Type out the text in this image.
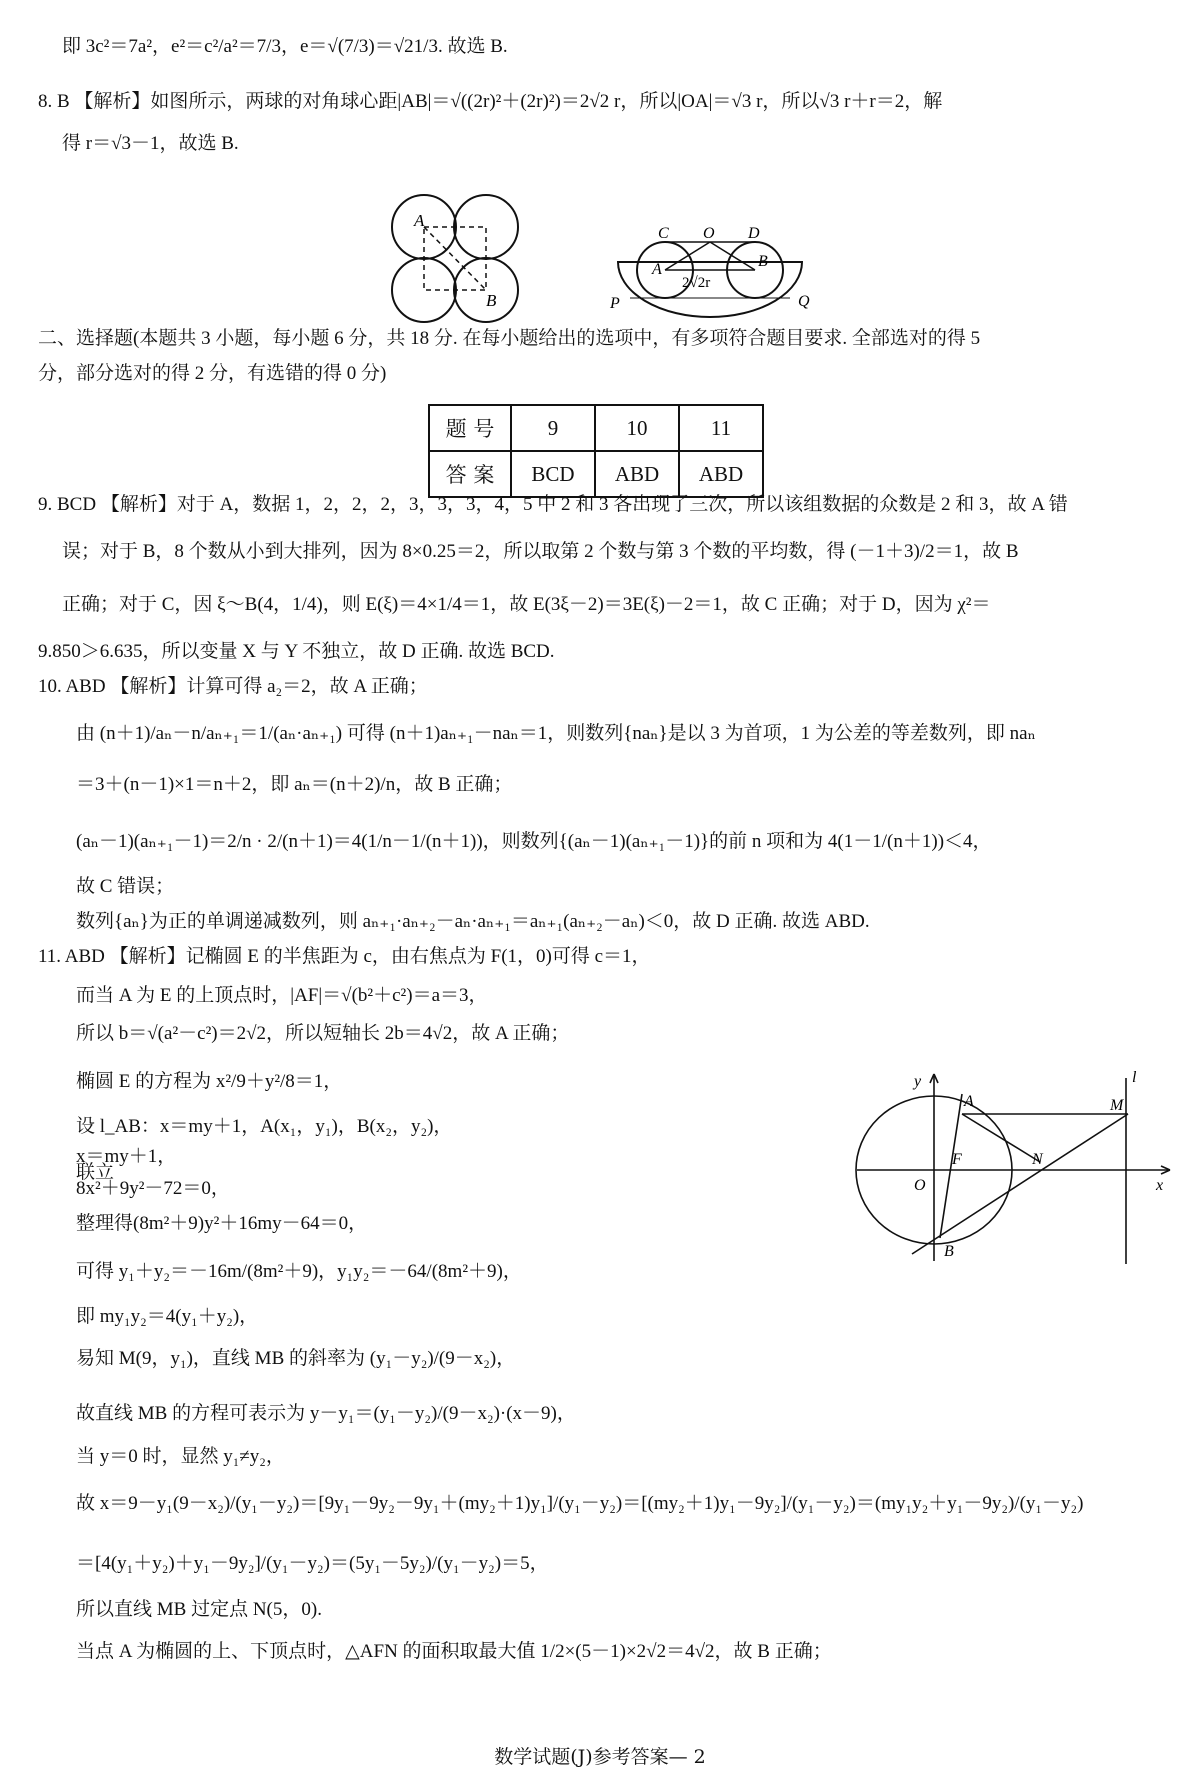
即 3c²＝7a²，e²＝c²/a²＝7/3，e＝√(7/3)＝√21/3. 故选 B.
8. B 【解析】如图所示，两球的对角球心距|AB|＝√((2r)²＋(2r)²)＝2√2 r，所以|OA|＝√3 r，所以√3 r＋r＝2，解
得 r＝√3－1，故选 B.
二、选择题(本题共 3 小题，每小题 6 分，共 18 分. 在每小题给出的选项中，有多项符合题目要求. 全部选对的得 5
分，部分选对的得 2 分，有选错的得 0 分)
9. BCD 【解析】对于 A，数据 1，2，2，2，3，3，3，4，5 中 2 和 3 各出现了三次，所以该组数据的众数是 2 和 3，故 A 错
误；对于 B，8 个数从小到大排列，因为 8×0.25＝2，所以取第 2 个数与第 3 个数的平均数，得 (－1＋3)/2＝1，故 B
正确；对于 C，因 ξ～B(4，1/4)，则 E(ξ)＝4×1/4＝1，故 E(3ξ－2)＝3E(ξ)－2＝1，故 C 正确；对于 D，因为 χ²＝
9.850＞6.635，所以变量 X 与 Y 不独立，故 D 正确. 故选 BCD.
10. ABD 【解析】计算可得 a₂＝2，故 A 正确；
由 (n＋1)/aₙ－n/aₙ₊₁＝1/(aₙ·aₙ₊₁) 可得 (n＋1)aₙ₊₁－naₙ＝1，则数列{naₙ}是以 3 为首项，1 为公差的等差数列，即 naₙ
＝3＋(n－1)×1＝n＋2，即 aₙ＝(n＋2)/n，故 B 正确；
(aₙ－1)(aₙ₊₁－1)＝2/n · 2/(n＋1)＝4(1/n－1/(n＋1))，则数列{(aₙ－1)(aₙ₊₁－1)}的前 n 项和为 4(1－1/(n＋1))＜4，
故 C 错误；
数列{aₙ}为正的单调递减数列，则 aₙ₊₁·aₙ₊₂－aₙ·aₙ₊₁＝aₙ₊₁(aₙ₊₂－aₙ)＜0，故 D 正确. 故选 ABD.
11. ABD 【解析】记椭圆 E 的半焦距为 c，由右焦点为 F(1，0)可得 c＝1，
而当 A 为 E 的上顶点时，|AF|＝√(b²＋c²)＝a＝3，
所以 b＝√(a²－c²)＝2√2，所以短轴长 2b＝4√2，故 A 正确；
椭圆 E 的方程为 x²/9＋y²/8＝1，
设 l_AB：x＝my＋1，A(x₁，y₁)，B(x₂，y₂)，
x＝my＋1，
联立
8x²＋9y²－72＝0，
整理得(8m²＋9)y²＋16my－64＝0，
可得 y₁＋y₂＝－16m/(8m²＋9)，y₁y₂＝－64/(8m²＋9)，
即 my₁y₂＝4(y₁＋y₂)，
易知 M(9，y₁)，直线 MB 的斜率为 (y₁－y₂)/(9－x₂)，
故直线 MB 的方程可表示为 y－y₁＝(y₁－y₂)/(9－x₂)·(x－9)，
当 y＝0 时，显然 y₁≠y₂，
故 x＝9－y₁(9－x₂)/(y₁－y₂)＝[9y₁－9y₂－9y₁＋(my₂＋1)y₁]/(y₁－y₂)＝[(my₂＋1)y₁－9y₂]/(y₁－y₂)＝(my₁y₂＋y₁－9y₂)/(y₁－y₂)
＝[4(y₁＋y₂)＋y₁－9y₂]/(y₁－y₂)＝(5y₁－5y₂)/(y₁－y₂)＝5，
所以直线 MB 过定点 N(5，0).
当点 A 为椭圆的上、下顶点时，△AFN 的面积取最大值 1/2×(5－1)×2√2＝4√2，故 B 正确；
A
B
C O D
A	B
2√2r
P	Q
题 号	9	10	11
答 案	BCD	ABD	ABD
y
x
O
F
A
B
M
N
l
数学试题(J)参考答案— 2
